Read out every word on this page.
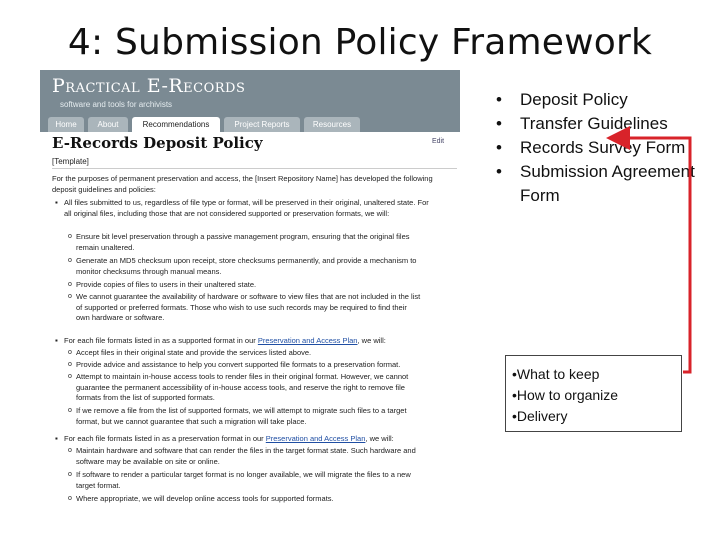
4: Submission Policy Framework
Practical E-Records
software and tools for archivists
Home	About	Recommendations	Project Reports	Resources
E-Records Deposit Policy	Edit
[Template]

For the purposes of permanent preservation and access, the [Insert Repository Name] has developed the following deposit guidelines and policies:

▪ All files submitted to us, regardless of file type or format, will be preserved in their original, unaltered state. For all original files, including those that are not considered supported or preservation formats, we will:

o Ensure bit level preservation through a passive management program, ensuring that the original files remain unaltered.

o Generate an MD5 checksum upon receipt, store checksums permanently, and provide a mechanism to monitor checksums through manual means.

o Provide copies of files to users in their unaltered state.

o We cannot guarantee the availability of hardware or software to view files that are not included in the list of supported or preferred formats. Those who wish to use such records may be required to find their own hardware or software.

▪ For each file formats listed in as a supported format in our Preservation and Access Plan, we will:

o Accept files in their original state and provide the services listed above.

o Provide advice and assistance to help you convert supported file formats to a preservation format.

o Attempt to maintain in-house access tools to render files in their original format. However, we cannot guarantee the permanent accessibility of in-house access tools, and reserve the right to remove file formats from the list of supported formats.

o If we remove a file from the list of supported formats, we will attempt to migrate such files to a target format, but we cannot guarantee that such a migration will take place.

▪ For each file formats listed in as a preservation format in our Preservation and Access Plan, we will:

o Maintain hardware and software that can render the files in the target format state. Such hardware and software may be available on site or online.

o If software to render a particular target format is no longer available, we will migrate the files to a new target format.

o Where appropriate, we will develop online access tools for supported formats.

• Deposit Policy
• Transfer Guidelines
• Records Survey Form
• Submission Agreement Form
• What to keep
• How to organize
• Delivery
